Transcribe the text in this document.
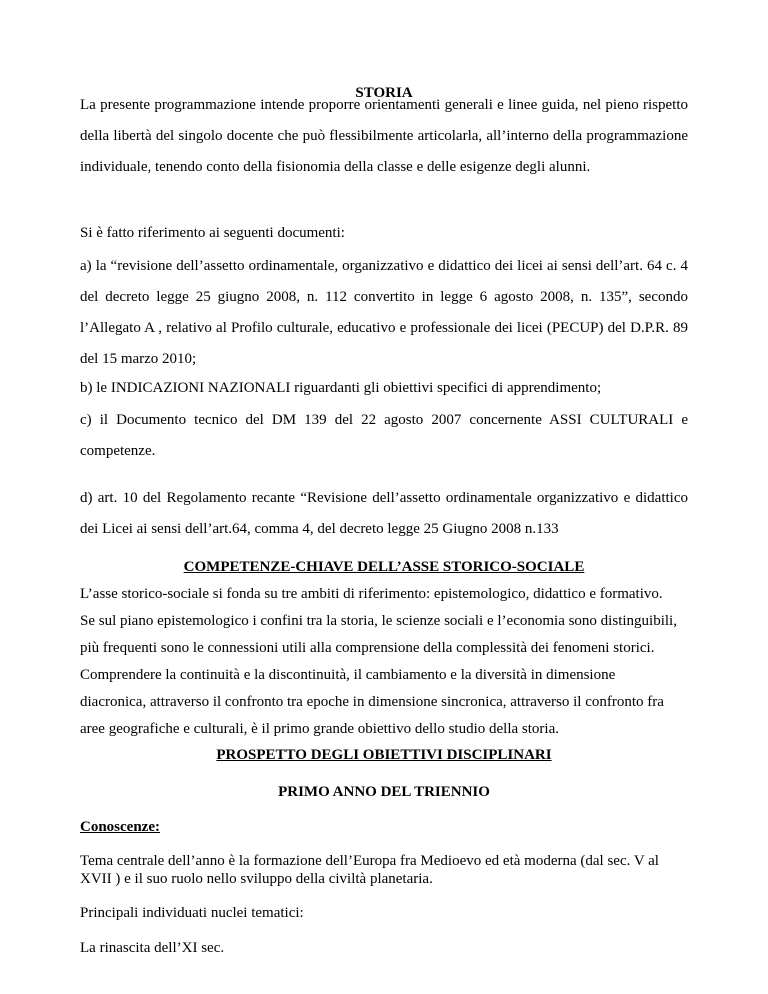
STORIA
La presente programmazione intende proporre orientamenti generali e linee guida, nel pieno rispetto della libertà del singolo docente che può flessibilmente articolarla, all’interno della programmazione individuale, tenendo conto della fisionomia della classe e delle esigenze degli alunni.
Si è fatto riferimento ai seguenti documenti:
a) la “revisione dell’assetto ordinamentale, organizzativo e didattico dei licei ai sensi dell’art. 64 c. 4 del decreto legge 25 giugno 2008, n. 112 convertito in legge 6 agosto 2008, n. 135”, secondo l’Allegato A , relativo al Profilo culturale, educativo e professionale dei licei (PECUP) del D.P.R. 89 del 15 marzo 2010;
b) le INDICAZIONI NAZIONALI riguardanti gli obiettivi specifici di apprendimento;
c) il Documento tecnico del DM 139 del 22 agosto 2007 concernente ASSI CULTURALI e competenze.
d) art. 10 del Regolamento recante “Revisione dell’assetto ordinamentale organizzativo e didattico dei Licei ai sensi dell’art.64, comma 4, del decreto legge 25 Giugno 2008 n.133
COMPETENZE-CHIAVE DELL’ASSE STORICO-SOCIALE
L’asse storico-sociale si fonda su tre ambiti di riferimento: epistemologico, didattico e formativo.
Se sul piano epistemologico i confini tra la storia, le scienze sociali e l’economia sono distinguibili,
più frequenti sono le connessioni utili alla comprensione della complessità dei fenomeni storici.
Comprendere la continuità e la discontinuità, il cambiamento e la diversità in dimensione
diacronica, attraverso il confronto tra epoche in dimensione sincronica, attraverso il confronto fra
aree geografiche e culturali, è il primo grande obiettivo dello studio della storia.
PROSPETTO DEGLI OBIETTIVI DISCIPLINARI
PRIMO ANNO DEL TRIENNIO
Conoscenze:
Tema centrale dell’anno è la formazione dell’Europa fra Medioevo ed età moderna (dal sec. V al XVII ) e il suo ruolo nello sviluppo della civiltà planetaria.
Principali individuati nuclei tematici:
La rinascita dell’XI sec.
